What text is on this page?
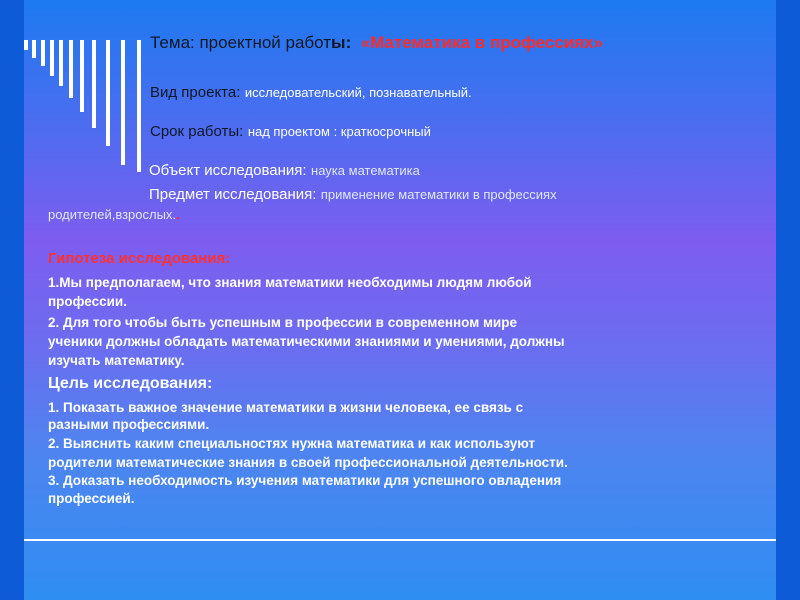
Тема: проектной работы: «Математика в профессиях»
Вид проекта: исследовательский, познавательный.
Срок работы: над проектом : краткосрочный
Объект исследования: наука математика
Предмет исследования: применение математики в профессиях
родителей,взрослых..
Гипотеза исследования:
1.Мы предполагаем, что знания математики необходимы людям любой
профессии.
2. Для того чтобы быть успешным в профессии в современном мире
ученики должны обладать математическими знаниями и умениями, должны
изучать математику.
Цель исследования:
1. Показать важное значение математики в жизни человека, ее связь с
разными профессиями.
2. Выяснить каким специальностях нужна математика и как используют
родители математические знания в своей профессиональной деятельности.
3. Доказать необходимость изучения математики для успешного овладения
профессией.
